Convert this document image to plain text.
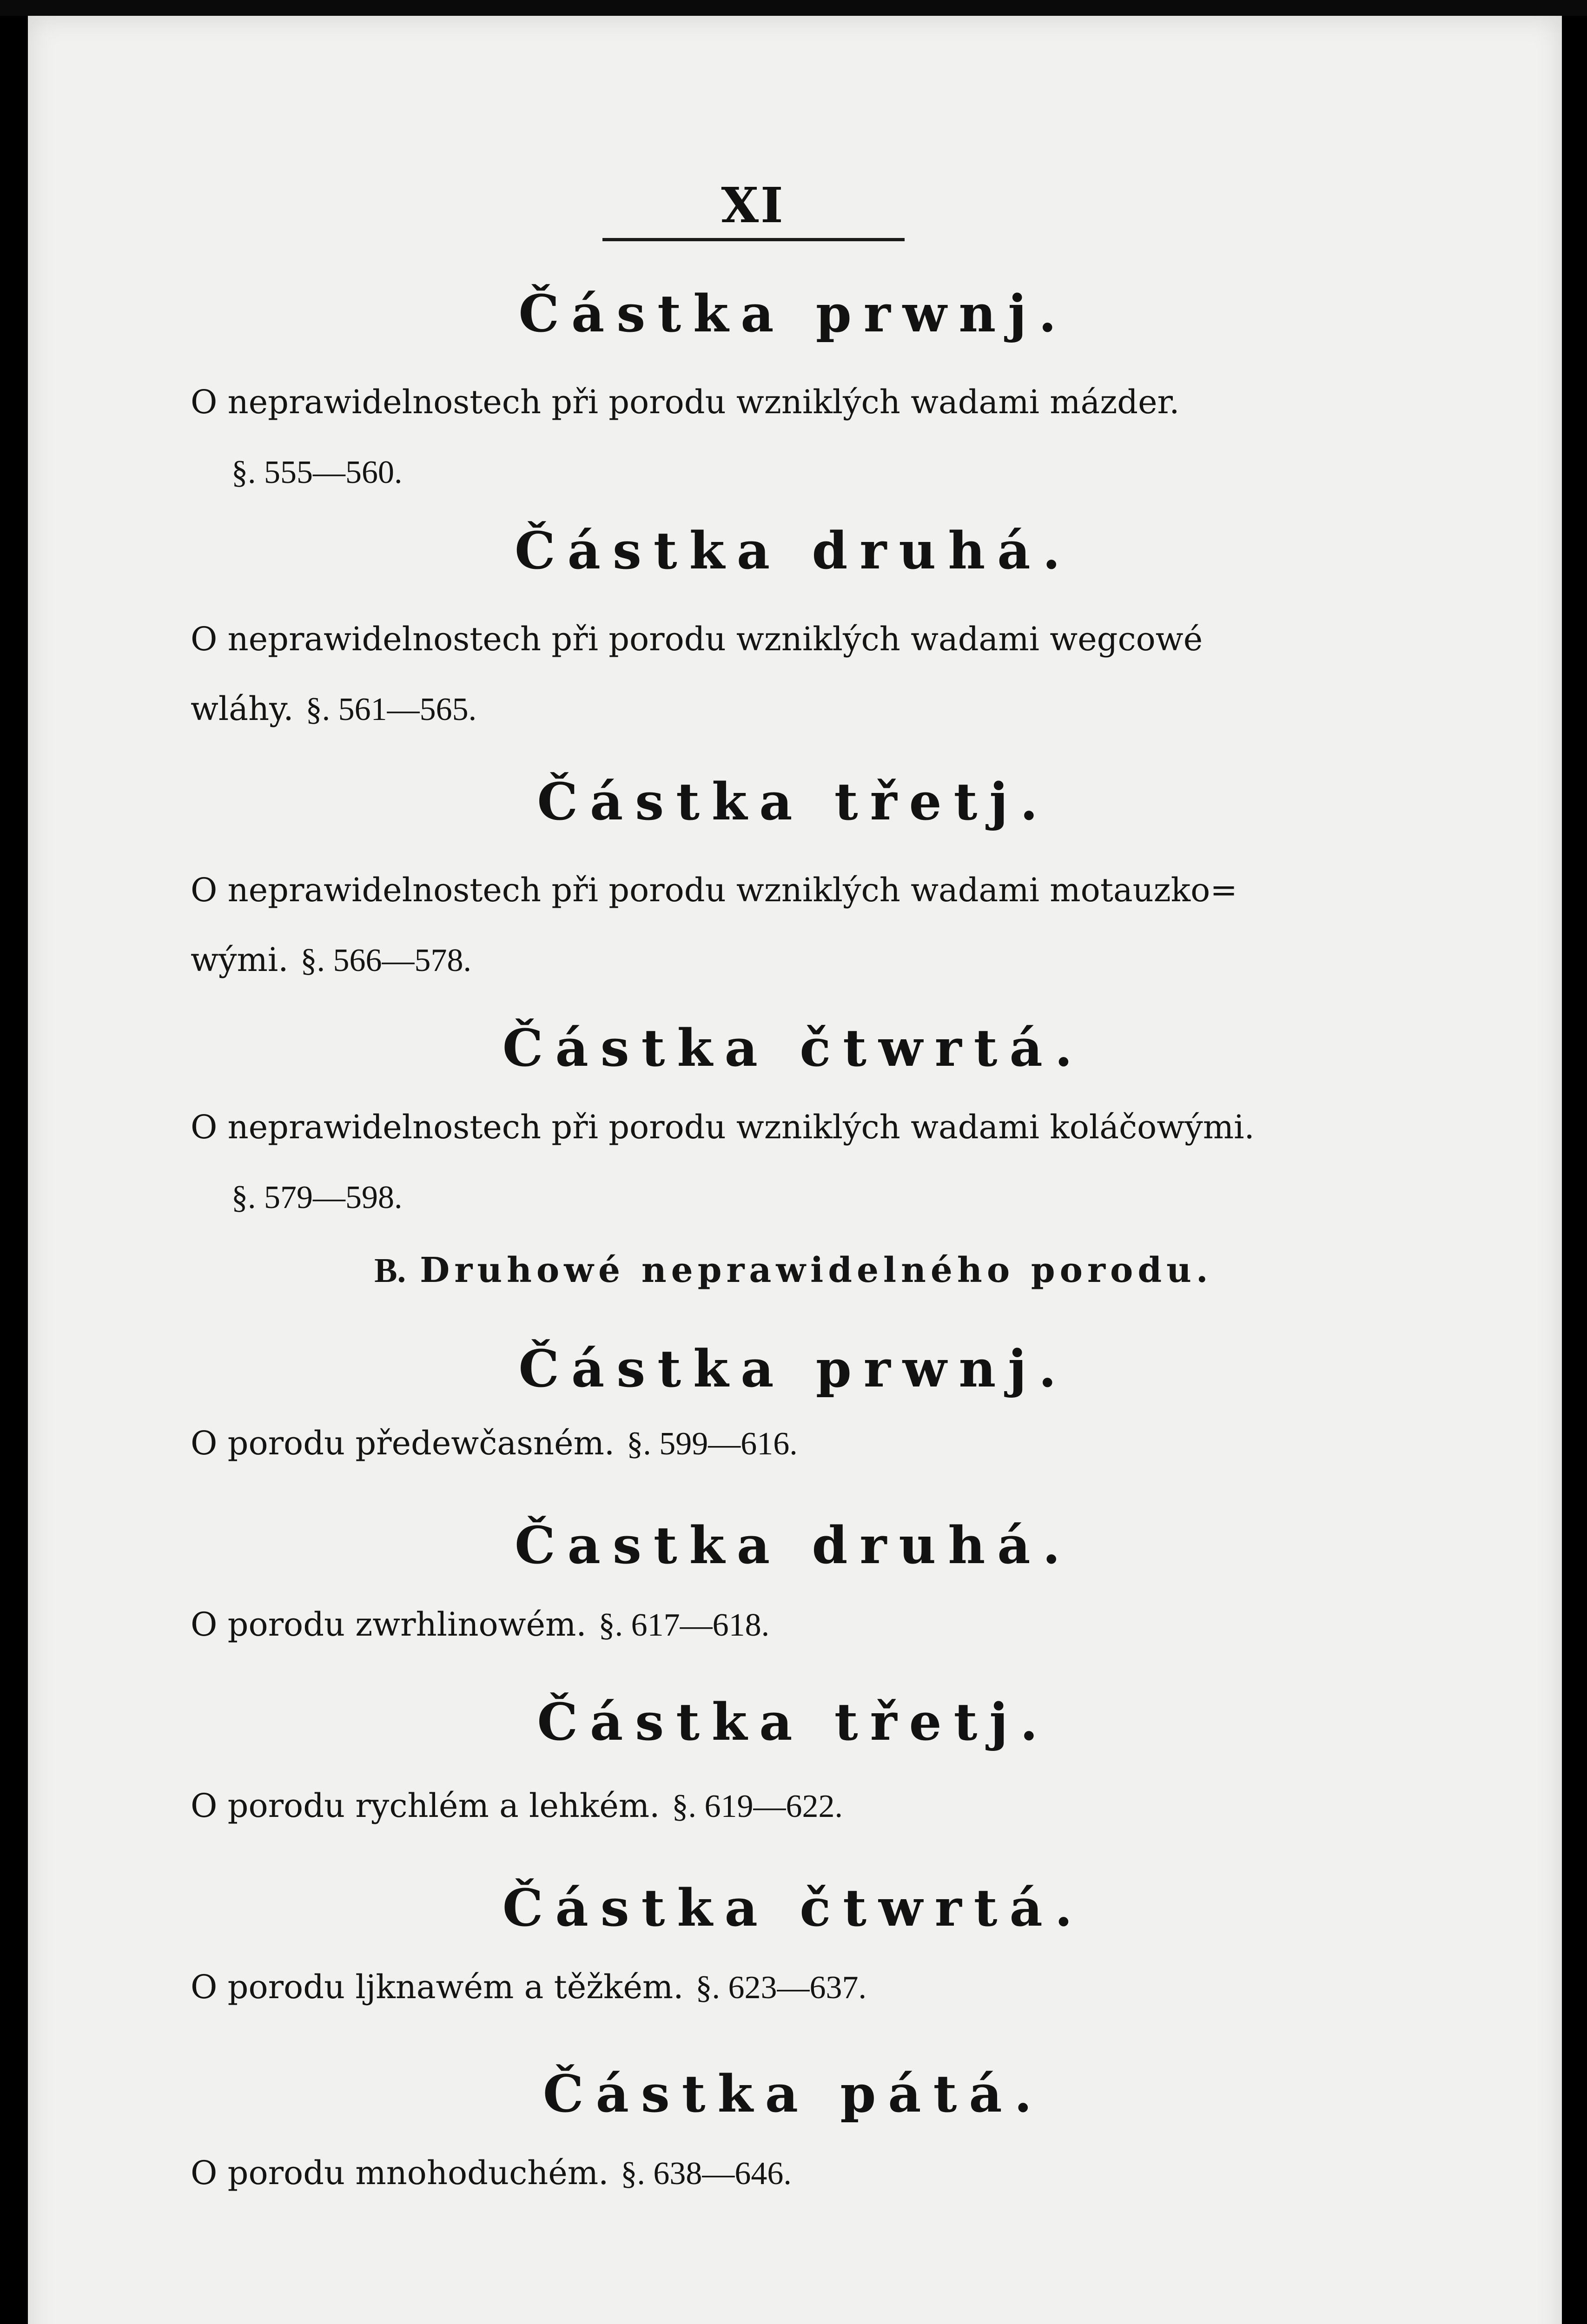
XI
Částka prwnj.
O neprawidelnostech při porodu wzniklých wadami mázder.
§. 555—560.
Částka druhá.
O neprawidelnostech při porodu wzniklých wadami wegcowé
wláhy. §. 561—565.
Částka třetj.
O neprawidelnostech při porodu wzniklých wadami motauzko=
wými. §. 566—578.
Částka čtwrtá.
O neprawidelnostech při porodu wzniklých wadami koláčowými.
§. 579—598.
B. Druhowé neprawidelného porodu.
Částka prwnj.
O porodu předewčasném. §. 599—616.
Častka druhá.
O porodu zwrhlinowém. §. 617—618.
Částka třetj.
O porodu rychlém a lehkém. §. 619—622.
Částka čtwrtá.
O porodu ljknawém a těžkém. §. 623—637.
Částka pátá.
O porodu mnohoduchém. §. 638—646.
